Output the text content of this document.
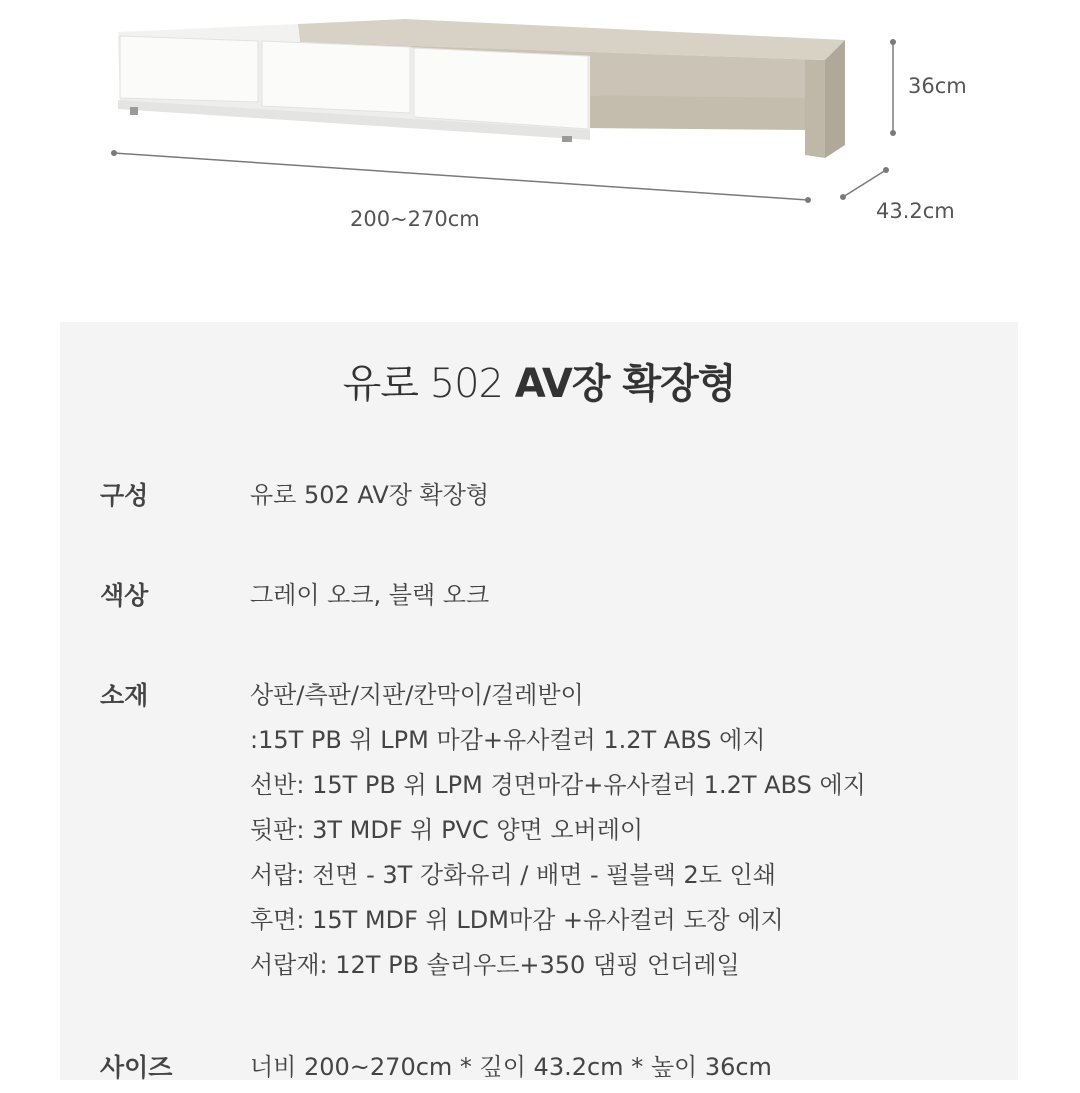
36cm
200~270cm	43.2cm
유로 502 AV장 확장형
구성	유로 502 AV장 확장형
색상	그레이 오크, 블랙 오크
소재	상판/측판/지판/칸막이/걸레받이
:15T PB 위 LPM 마감+유사컬러 1.2T ABS 에지
선반: 15T PB 위 LPM 경면마감+유사컬러 1.2T ABS 에지
뒷판: 3T MDF 위 PVC 양면 오버레이
서랍: 전면 - 3T 강화유리 / 배면 - 펄블랙 2도 인쇄
후면: 15T MDF 위 LDM마감 +유사컬러 도장 에지
서랍재: 12T PB 솔리우드+350 댐핑 언더레일
사이즈	너비 200~270cm * 깊이 43.2cm * 높이 36cm
